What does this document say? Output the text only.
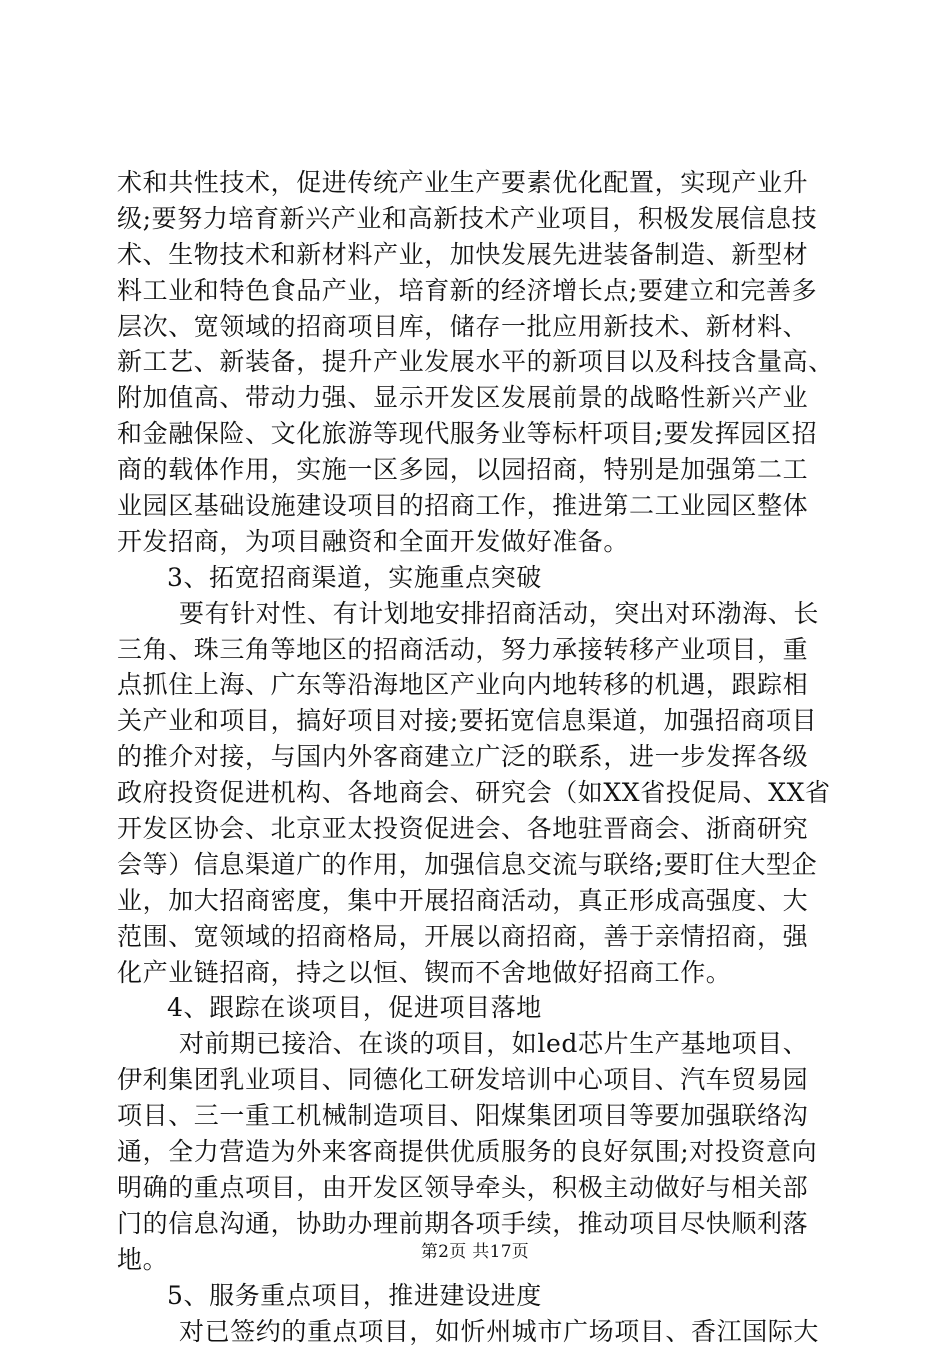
术和共性技术，促进传统产业生产要素优化配置，实现产业升
级;要努力培育新兴产业和高新技术产业项目，积极发展信息技
术、生物技术和新材料产业，加快发展先进装备制造、新型材
料工业和特色食品产业，培育新的经济增长点;要建立和完善多
层次、宽领域的招商项目库，储存一批应用新技术、新材料、
新工艺、新装备，提升产业发展水平的新项目以及科技含量高、
附加值高、带动力强、显示开发区发展前景的战略性新兴产业
和金融保险、文化旅游等现代服务业等标杆项目;要发挥园区招
商的载体作用，实施一区多园，以园招商，特别是加强第二工
业园区基础设施建设项目的招商工作，推进第二工业园区整体
开发招商，为项目融资和全面开发做好准备。
3、拓宽招商渠道，实施重点突破
要有针对性、有计划地安排招商活动，突出对环渤海、长
三角、珠三角等地区的招商活动，努力承接转移产业项目，重
点抓住上海、广东等沿海地区产业向内地转移的机遇，跟踪相
关产业和项目，搞好项目对接;要拓宽信息渠道，加强招商项目
的推介对接，与国内外客商建立广泛的联系，进一步发挥各级
政府投资促进机构、各地商会、研究会（如XX省投促局、XX省
开发区协会、北京亚太投资促进会、各地驻晋商会、浙商研究
会等）信息渠道广的作用，加强信息交流与联络;要盯住大型企
业，加大招商密度，集中开展招商活动，真正形成高强度、大
范围、宽领域的招商格局，开展以商招商，善于亲情招商，强
化产业链招商，持之以恒、锲而不舍地做好招商工作。
4、跟踪在谈项目，促进项目落地
对前期已接洽、在谈的项目，如led芯片生产基地项目、
伊利集团乳业项目、同德化工研发培训中心项目、汽车贸易园
项目、三一重工机械制造项目、阳煤集团项目等要加强联络沟
通，全力营造为外来客商提供优质服务的良好氛围;对投资意向
明确的重点项目，由开发区领导牵头，积极主动做好与相关部
门的信息沟通，协助办理前期各项手续，推动项目尽快顺利落
地。
5、服务重点项目，推进建设进度
对已签约的重点项目，如忻州城市广场项目、香江国际大
第2页 共17页
